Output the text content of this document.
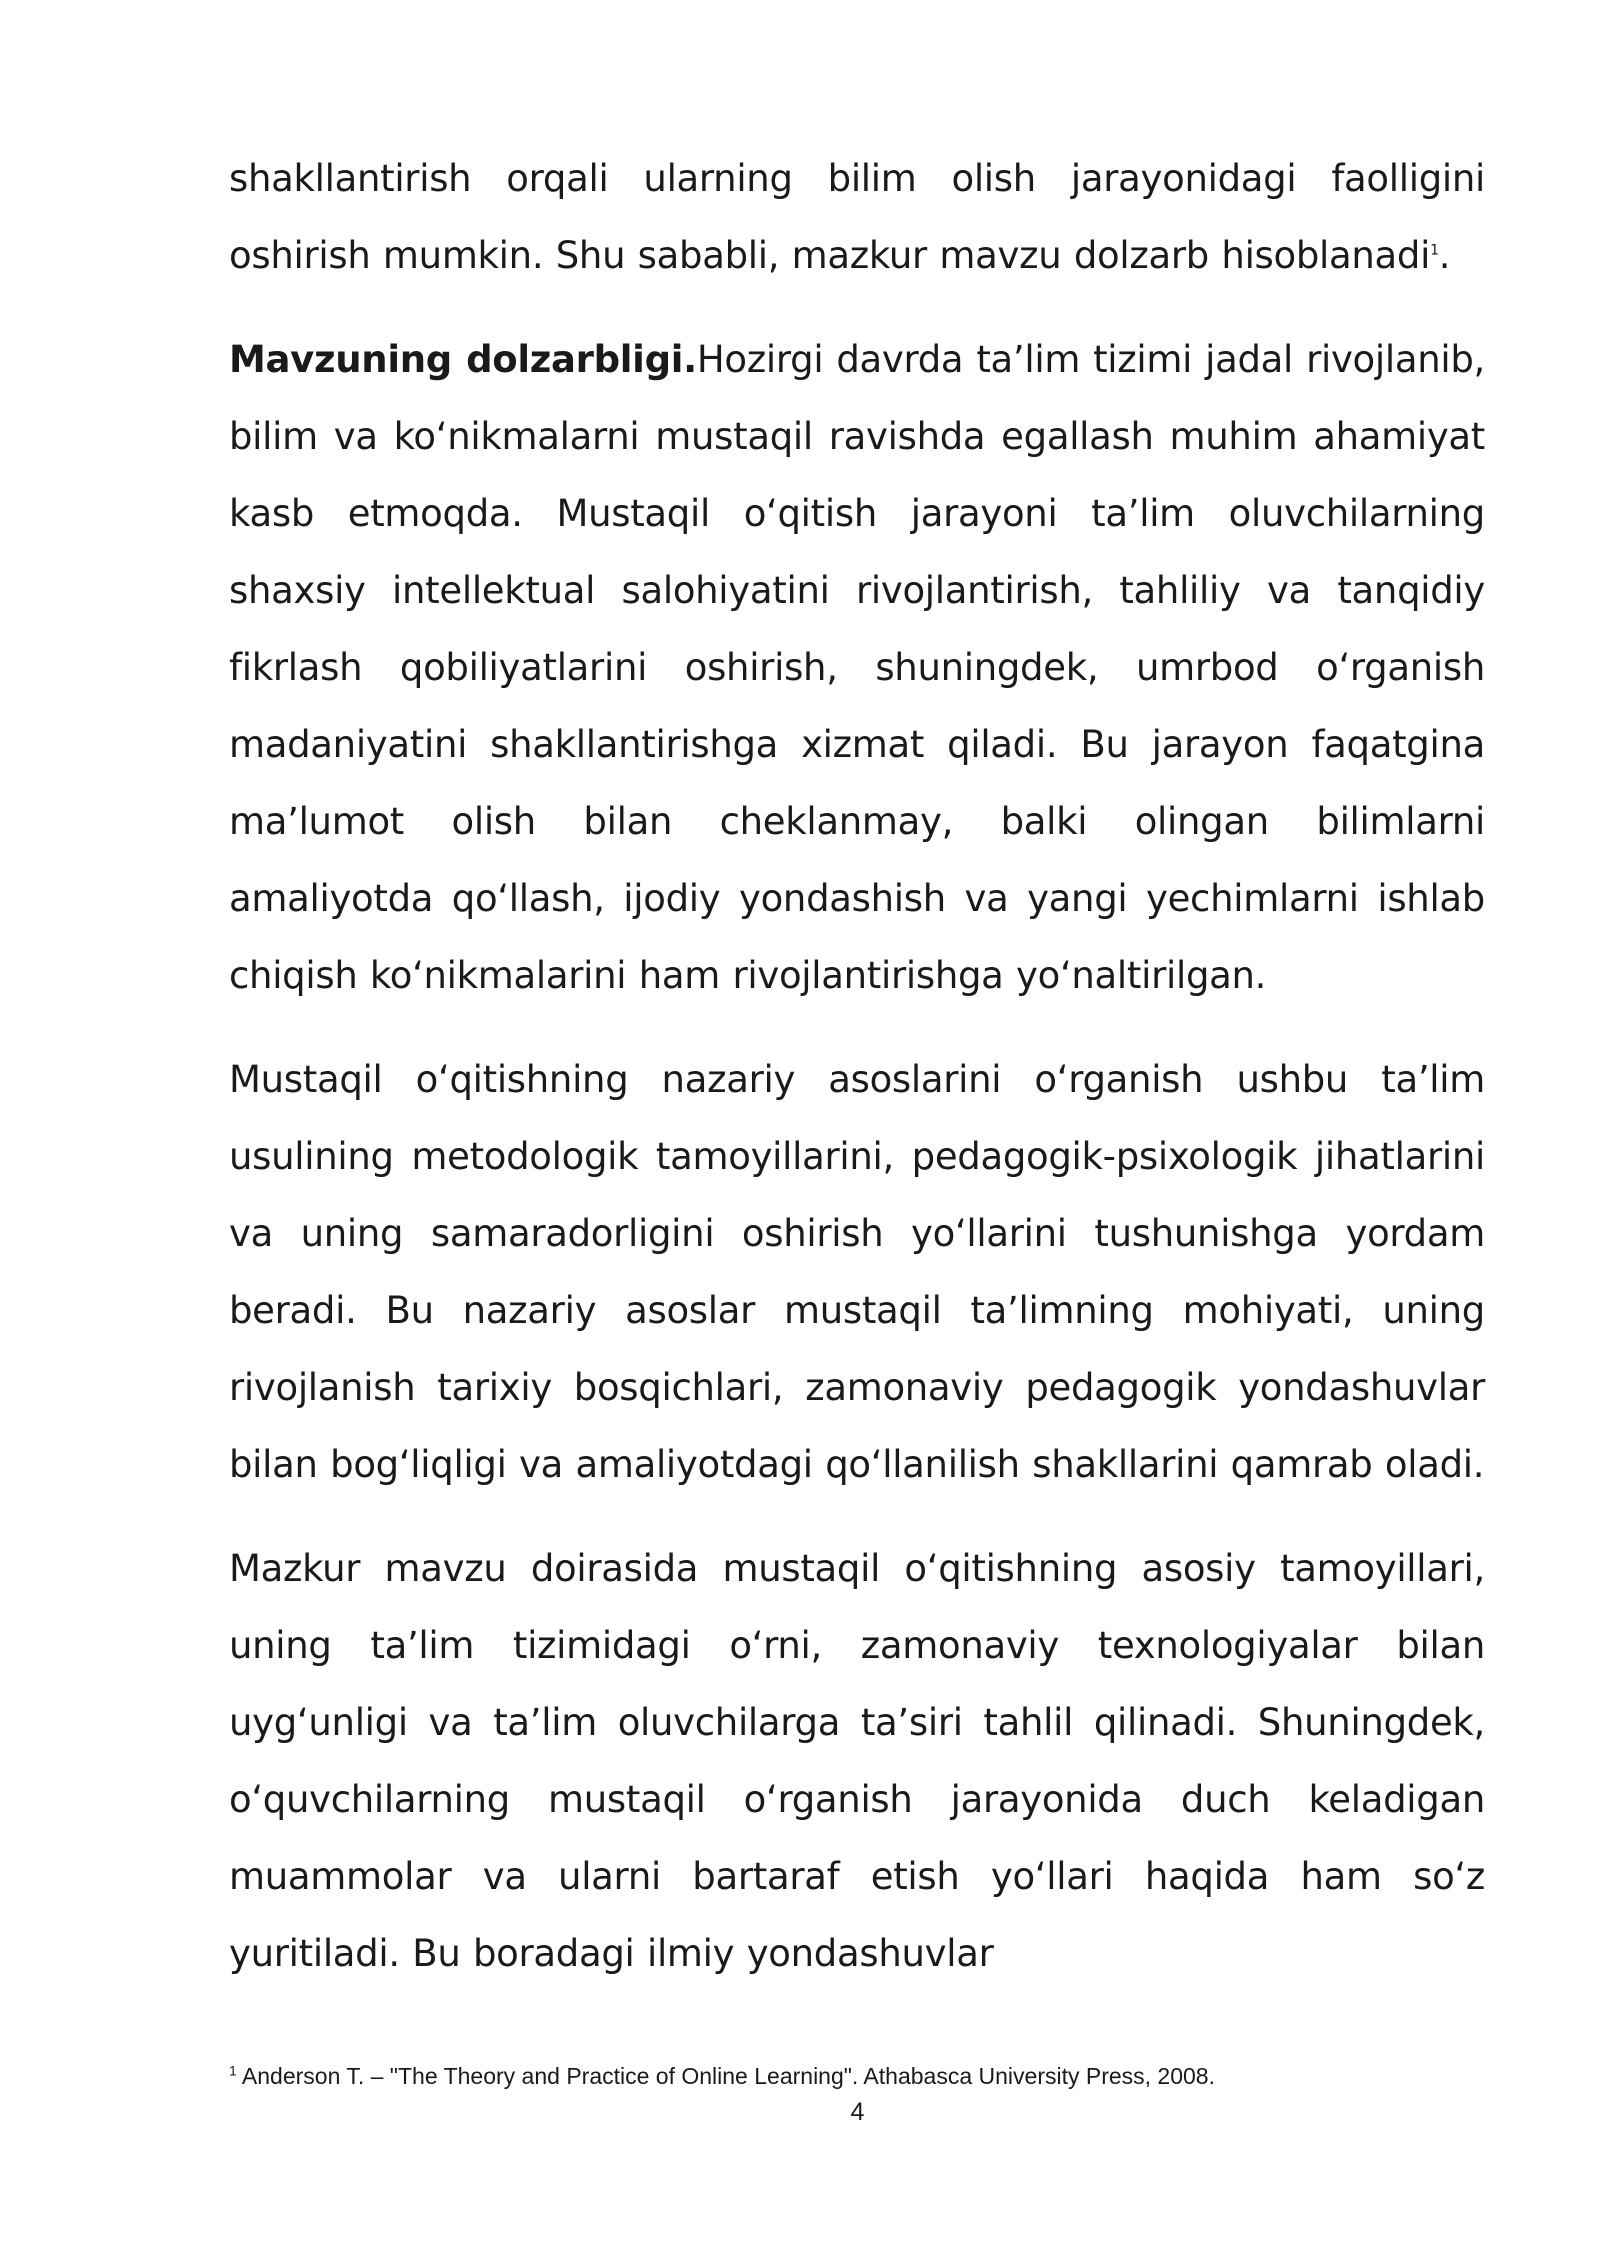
shakllantirish orqali ularning bilim olish jarayonidagi faolligini oshirish mumkin. Shu sababli, mazkur mavzu dolzarb hisoblanadi$^1$.

Mavzuning dolzarbligi.Hozirgi davrda ta’lim tizimi jadal rivojlanib, bilim va ko‘nikmalarni mustaqil ravishda egallash muhim ahamiyat kasb etmoqda. Mustaqil o‘qitish jarayoni ta’lim oluvchilarning shaxsiy intellektual salohiyatini rivojlantirish, tahliliy va tanqidiy fikrlash qobiliyatlarini oshirish, shuningdek, umrbod o‘rganish madaniyatini shakllantirishga xizmat qiladi. Bu jarayon faqatgina ma’lumot olish bilan cheklanmay, balki olingan bilimlarni amaliyotda qo‘llash, ijodiy yondashish va yangi yechimlarni ishlab chiqish ko‘nikmalarini ham rivojlantirishga yo‘naltirilgan.

Mustaqil o‘qitishning nazariy asoslarini o‘rganish ushbu ta’lim usulining metodologik tamoyillarini, pedagogik-psixologik jihatlarini va uning samaradorligini oshirish yo‘llarini tushunishga yordam beradi. Bu nazariy asoslar mustaqil ta’limning mohiyati, uning rivojlanish tarixiy bosqichlari, zamonaviy pedagogik yondashuvlar bilan bog‘liqligi va amaliyotdagi qo‘llanilish shakllarini qamrab oladi.

Mazkur mavzu doirasida mustaqil o‘qitishning asosiy tamoyillari, uning ta’lim tizimidagi o‘rni, zamonaviy texnologiyalar bilan uyg‘unligi va ta’lim oluvchilarga ta’siri tahlil qilinadi. Shuningdek, o‘quvchilarning mustaqil o‘rganish jarayonida duch keladigan muammolar va ularni bartaraf etish yo‘llari haqida ham so‘z yuritiladi. Bu boradagi ilmiy yondashuvlar

$^1$ Anderson T. – "The Theory and Practice of Online Learning". Athabasca University Press, 2008.
4
